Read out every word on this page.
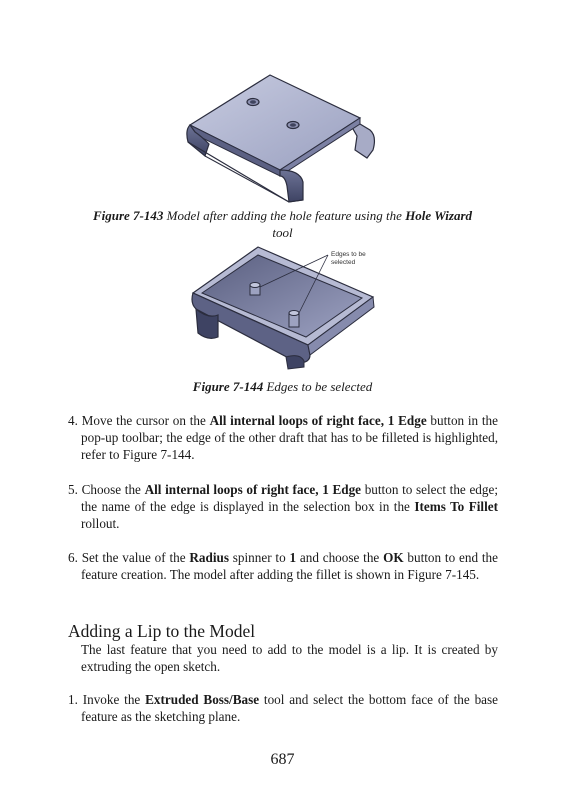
Figure 7-143 Model after adding the hole feature using the Hole Wizard
tool
Edges to be
selected
Figure 7-144 Edges to be selected
4. Move the cursor on the All internal loops of right face, 1 Edge button in the pop-up toolbar; the edge of the other draft that has to be filleted is highlighted, refer to Figure 7-144.
5. Choose the All internal loops of right face, 1 Edge button to select the edge; the name of the edge is displayed in the selection box in the Items To Fillet rollout.
6. Set the value of the Radius spinner to 1 and choose the OK button to end the feature creation. The model after adding the fillet is shown in Figure 7-145.
Adding a Lip to the Model
The last feature that you need to add to the model is a lip. It is created by extruding the open sketch.
1. Invoke the Extruded Boss/Base tool and select the bottom face of the base feature as the sketching plane.
687
